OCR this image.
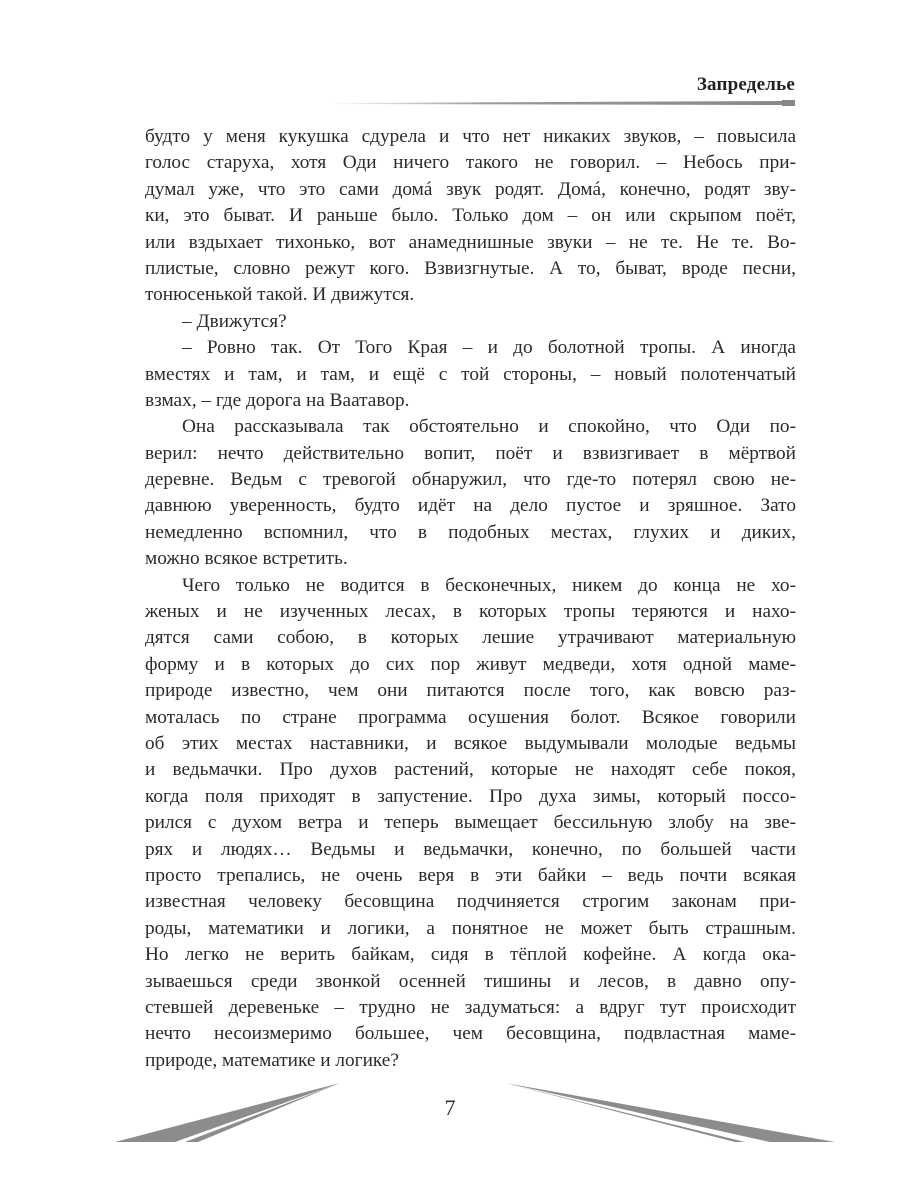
Запределье
будто у меня кукушка сдурела и что нет никаких звуков, – повысила
голос старуха, хотя Оди ничего такого не говорил. – Небось при-
думал уже, что это сами домá звук родят. Домá, конечно, родят зву-
ки, это быват. И раньше было. Только дом – он или скрыпом поёт,
или вздыхает тихонько, вот анамеднишные звуки – не те. Не те. Во-
плистые, словно режут кого. Взвизгнутые. А то, быват, вроде песни,
тонюсенькой такой. И движутся.
– Движутся?
– Ровно так. От Того Края – и до болотной тропы. А иногда
вместях и там, и там, и ещё с той стороны, – новый полотенчатый
взмах, – где дорога на Ваатавор.
Она рассказывала так обстоятельно и спокойно, что Оди по-
верил: нечто действительно вопит, поёт и взвизгивает в мёртвой
деревне. Ведьм с тревогой обнаружил, что где-то потерял свою не-
давнюю уверенность, будто идёт на дело пустое и зряшное. Зато
немедленно вспомнил, что в подобных местах, глухих и диких,
можно всякое встретить.
Чего только не водится в бесконечных, никем до конца не хо-
женых и не изученных лесах, в которых тропы теряются и нахо-
дятся сами собою, в которых лешие утрачивают материальную
форму и в которых до сих пор живут медведи, хотя одной маме-
природе известно, чем они питаются после того, как вовсю раз-
моталась по стране программа осушения болот. Всякое говорили
об этих местах наставники, и всякое выдумывали молодые ведьмы
и ведьмачки. Про духов растений, которые не находят себе покоя,
когда поля приходят в запустение. Про духа зимы, который поссо-
рился с духом ветра и теперь вымещает бессильную злобу на зве-
рях и людях… Ведьмы и ведьмачки, конечно, по большей части
просто трепались, не очень веря в эти байки – ведь почти всякая
известная человеку бесовщина подчиняется строгим законам при-
роды, математики и логики, а понятное не может быть страшным.
Но легко не верить байкам, сидя в тёплой кофейне. А когда ока-
зываешься среди звонкой осенней тишины и лесов, в давно опу-
стевшей деревеньке – трудно не задуматься: а вдруг тут происходит
нечто несоизмеримо большее, чем бесовщина, подвластная маме-
природе, математике и логике?
7
